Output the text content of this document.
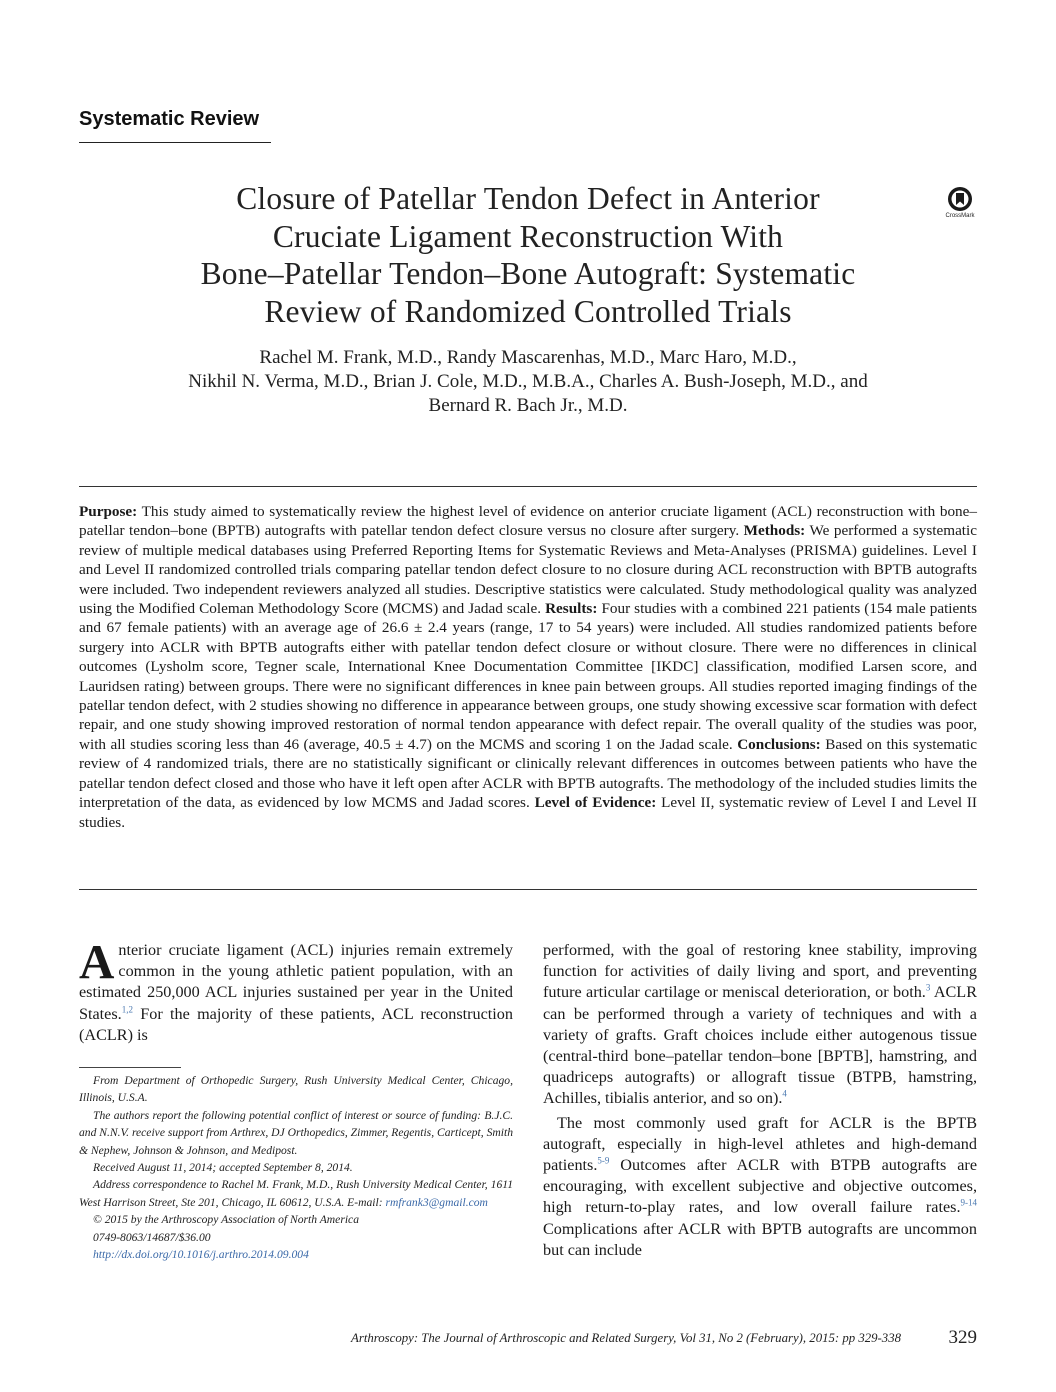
Systematic Review
Closure of Patellar Tendon Defect in Anterior
Cruciate Ligament Reconstruction With
Bone–Patellar Tendon–Bone Autograft: Systematic
Review of Randomized Controlled Trials
CrossMark
Rachel M. Frank, M.D., Randy Mascarenhas, M.D., Marc Haro, M.D.,
Nikhil N. Verma, M.D., Brian J. Cole, M.D., M.B.A., Charles A. Bush-Joseph, M.D., and
Bernard R. Bach Jr., M.D.
Purpose: This study aimed to systematically review the highest level of evidence on anterior cruciate ligament (ACL) reconstruction with bone–patellar tendon–bone (BPTB) autografts with patellar tendon defect closure versus no closure after surgery. Methods: We performed a systematic review of multiple medical databases using Preferred Reporting Items for Systematic Reviews and Meta-Analyses (PRISMA) guidelines. Level I and Level II randomized controlled trials comparing patellar tendon defect closure to no closure during ACL reconstruction with BPTB autografts were included. Two independent reviewers analyzed all studies. Descriptive statistics were calculated. Study methodological quality was analyzed using the Modified Coleman Methodology Score (MCMS) and Jadad scale. Results: Four studies with a combined 221 patients (154 male patients and 67 female patients) with an average age of 26.6 ± 2.4 years (range, 17 to 54 years) were included. All studies randomized patients before surgery into ACLR with BPTB autografts either with patellar tendon defect closure or without closure. There were no differences in clinical outcomes (Lysholm score, Tegner scale, International Knee Documentation Committee [IKDC] classification, modified Larsen score, and Lauridsen rating) between groups. There were no significant differences in knee pain between groups. All studies reported imaging findings of the patellar tendon defect, with 2 studies showing no difference in appearance between groups, one study showing excessive scar formation with defect repair, and one study showing improved restoration of normal tendon appearance with defect repair. The overall quality of the studies was poor, with all studies scoring less than 46 (average, 40.5 ± 4.7) on the MCMS and scoring 1 on the Jadad scale. Conclusions: Based on this systematic review of 4 randomized trials, there are no statistically significant or clinically relevant differences in outcomes between patients who have the patellar tendon defect closed and those who have it left open after ACLR with BPTB autografts. The methodology of the included studies limits the interpretation of the data, as evidenced by low MCMS and Jadad scores. Level of Evidence: Level II, systematic review of Level I and Level II studies.

Anterior cruciate ligament (ACL) injuries remain extremely common in the young athletic patient population, with an estimated 250,000 ACL injuries sustained per year in the United States.$^{1,2}$ For the majority of these patients, ACL reconstruction (ACLR) is

From Department of Orthopedic Surgery, Rush University Medical Center, Chicago, Illinois, U.S.A.

The authors report the following potential conflict of interest or source of funding: B.J.C. and N.N.V. receive support from Arthrex, DJ Orthopedics, Zimmer, Regentis, Carticept, Smith & Nephew, Johnson & Johnson, and Medipost.

Received August 11, 2014; accepted September 8, 2014.

Address correspondence to Rachel M. Frank, M.D., Rush University Medical Center, 1611 West Harrison Street, Ste 201, Chicago, IL 60612, U.S.A. E-mail: rmfrank3@gmail.com

© 2015 by the Arthroscopy Association of North America

0749-8063/14687/$36.00

http://dx.doi.org/10.1016/j.arthro.2014.09.004

performed, with the goal of restoring knee stability, improving function for activities of daily living and sport, and preventing future articular cartilage or meniscal deterioration, or both.$^3$ ACLR can be performed through a variety of techniques and with a variety of grafts. Graft choices include either autogenous tissue (central-third bone–patellar tendon–bone [BPTB], hamstring, and quadriceps autografts) or allograft tissue (BTPB, hamstring, Achilles, tibialis anterior, and so on).$^4$

The most commonly used graft for ACLR is the BPTB autograft, especially in high-level athletes and high-demand patients.$^{5-9}$ Outcomes after ACLR with BTPB autografts are encouraging, with excellent subjective and objective outcomes, high return-to-play rates, and low overall failure rates.$^{9-14}$ Complications after ACLR with BPTB autografts are uncommon but can include

Arthroscopy: The Journal of Arthroscopic and Related Surgery, Vol 31, No 2 (February), 2015: pp 329-338	329
